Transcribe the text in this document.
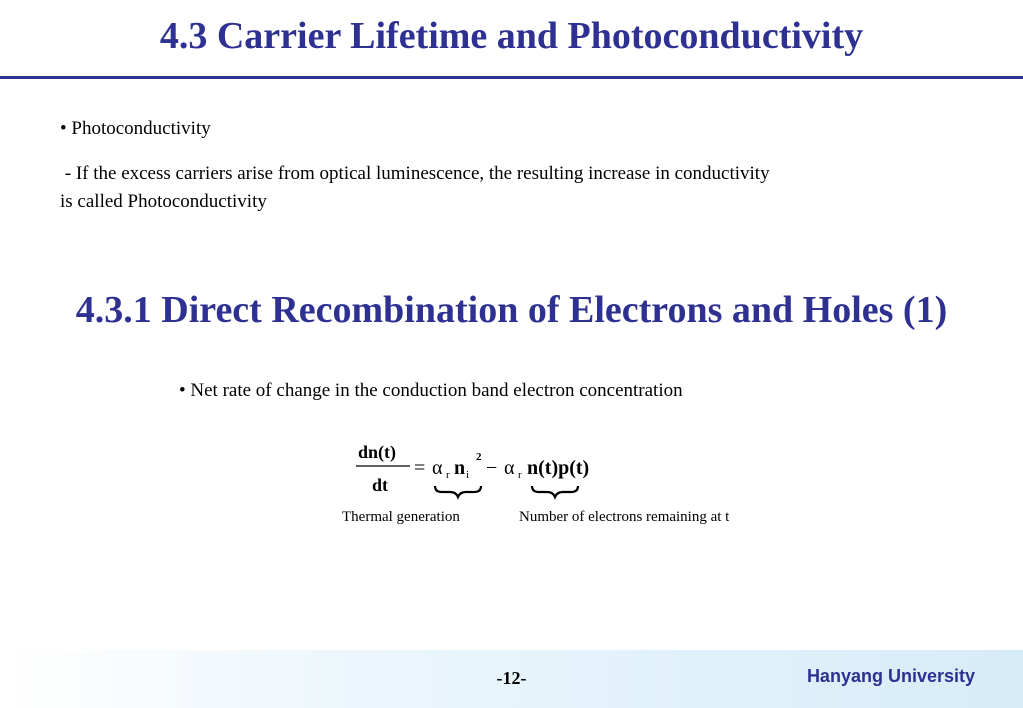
4.3 Carrier Lifetime and Photoconductivity
• Photoconductivity
- If the excess carriers arise from optical luminescence, the resulting increase in conductivity
is called Photoconductivity
4.3.1 Direct Recombination of Electrons and Holes (1)
• Net rate of change in the conduction band electron concentration
dn(t)
dt
= α r n i
2 − α r n(t)p(t)
Thermal generation	Number of electrons remaining at t
-12-	Hanyang University
